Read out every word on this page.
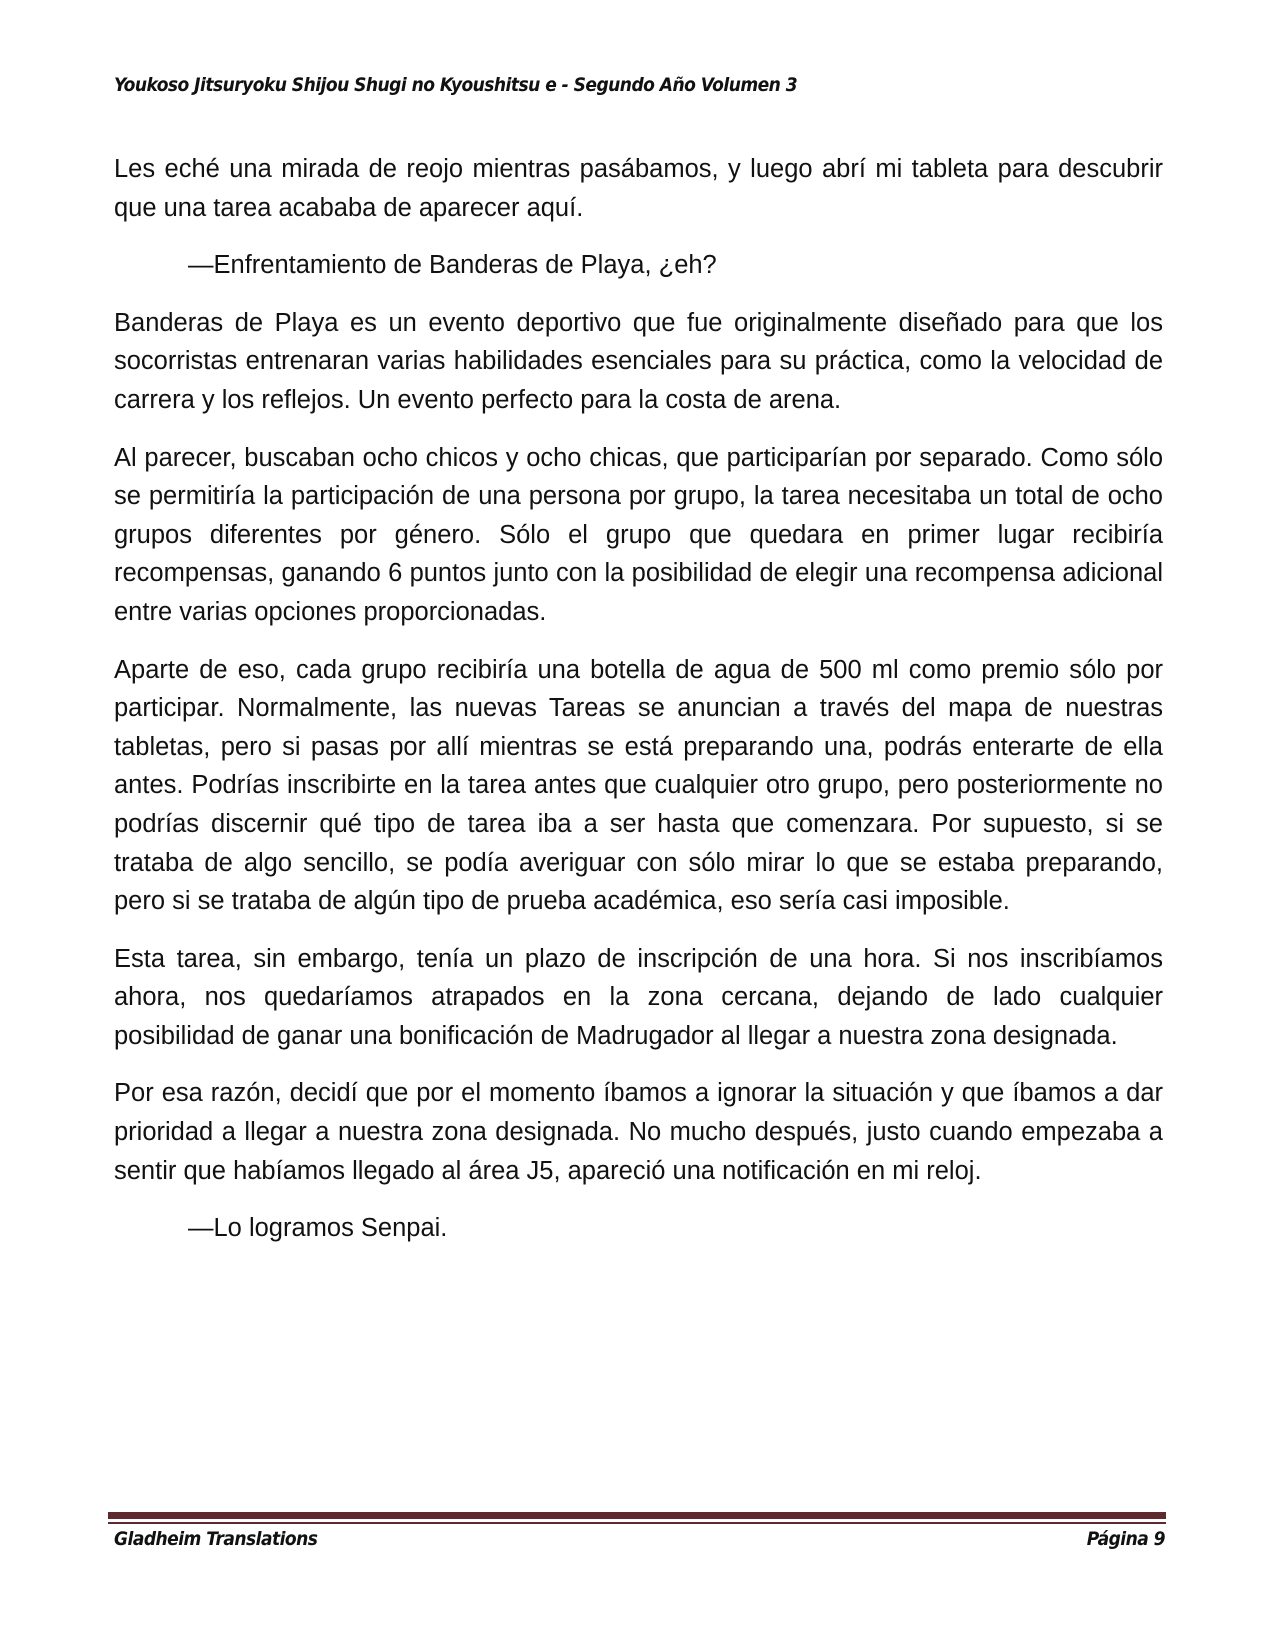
Youkoso Jitsuryoku Shijou Shugi no Kyoushitsu e - Segundo Año Volumen 3

Les eché una mirada de reojo mientras pasábamos, y luego abrí mi tableta para descubrir que una tarea acababa de aparecer aquí.

—Enfrentamiento de Banderas de Playa, ¿eh?

Banderas de Playa es un evento deportivo que fue originalmente diseñado para que los socorristas entrenaran varias habilidades esenciales para su práctica, como la velocidad de carrera y los reflejos. Un evento perfecto para la costa de arena.

Al parecer, buscaban ocho chicos y ocho chicas, que participarían por separado. Como sólo se permitiría la participación de una persona por grupo, la tarea necesitaba un total de ocho grupos diferentes por género. Sólo el grupo que quedara en primer lugar recibiría recompensas, ganando 6 puntos junto con la posibilidad de elegir una recompensa adicional entre varias opciones proporcionadas.

Aparte de eso, cada grupo recibiría una botella de agua de 500 ml como premio sólo por participar. Normalmente, las nuevas Tareas se anuncian a través del mapa de nuestras tabletas, pero si pasas por allí mientras se está preparando una, podrás enterarte de ella antes. Podrías inscribirte en la tarea antes que cualquier otro grupo, pero posteriormente no podrías discernir qué tipo de tarea iba a ser hasta que comenzara. Por supuesto, si se trataba de algo sencillo, se podía averiguar con sólo mirar lo que se estaba preparando, pero si se trataba de algún tipo de prueba académica, eso sería casi imposible.

Esta tarea, sin embargo, tenía un plazo de inscripción de una hora. Si nos inscribíamos ahora, nos quedaríamos atrapados en la zona cercana, dejando de lado cualquier posibilidad de ganar una bonificación de Madrugador al llegar a nuestra zona designada.

Por esa razón, decidí que por el momento íbamos a ignorar la situación y que íbamos a dar prioridad a llegar a nuestra zona designada. No mucho después, justo cuando empezaba a sentir que habíamos llegado al área J5, apareció una notificación en mi reloj.

—Lo logramos Senpai.

Gladheim Translations	Página 9
